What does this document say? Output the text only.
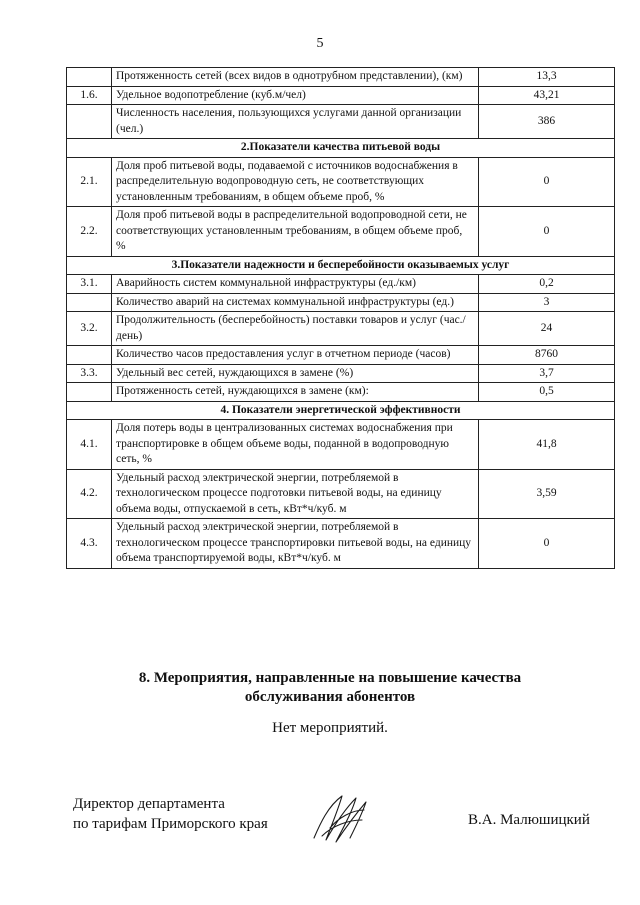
5
	Протяженность сетей (всех видов в однотрубном представлении), (км)	13,3
1.6.	Удельное водопотребление (куб.м/чел)	43,21
	Численность населения, пользующихся услугами данной организации (чел.)	386
2.Показатели качества питьевой воды		
2.1.	Доля проб питьевой воды, подаваемой с источников водоснабжения в распределительную водопроводную сеть, не соответствующих установленным требованиям, в общем объеме проб, %	0
2.2.	Доля проб питьевой воды в распределительной водопроводной сети, не соответствующих установленным требованиям, в общем объеме проб, %	0
3.Показатели надежности и бесперебойности оказываемых услуг		
3.1.	Аварийность систем коммунальной инфраструктуры (ед./км)	0,2
	Количество аварий на системах коммунальной инфраструктуры (ед.)	3
3.2.	Продолжительность (бесперебойность) поставки товаров и услуг (час./день)	24
	Количество часов предоставления услуг в отчетном периоде (часов)	8760
3.3.	Удельный вес сетей, нуждающихся в замене (%)	3,7
	Протяженность сетей, нуждающихся в замене (км):	0,5
4. Показатели энергетической эффективности		
4.1.	Доля потерь воды в централизованных системах водоснабжения при транспортировке в общем объеме воды, поданной в водопроводную сеть, %	41,8
4.2.	Удельный расход электрической энергии, потребляемой в технологическом процессе подготовки питьевой воды, на единицу объема воды, отпускаемой в сеть, кВт*ч/куб. м	3,59
4.3.	Удельный расход электрической энергии, потребляемой в технологическом процессе транспортировки питьевой воды, на единицу объема транспортируемой воды, кВт*ч/куб. м	0
8. Мероприятия, направленные на повышение качества
обслуживания абонентов
Нет мероприятий.
Директор департамента
по тарифам Приморского края	В.А. Малюшицкий
